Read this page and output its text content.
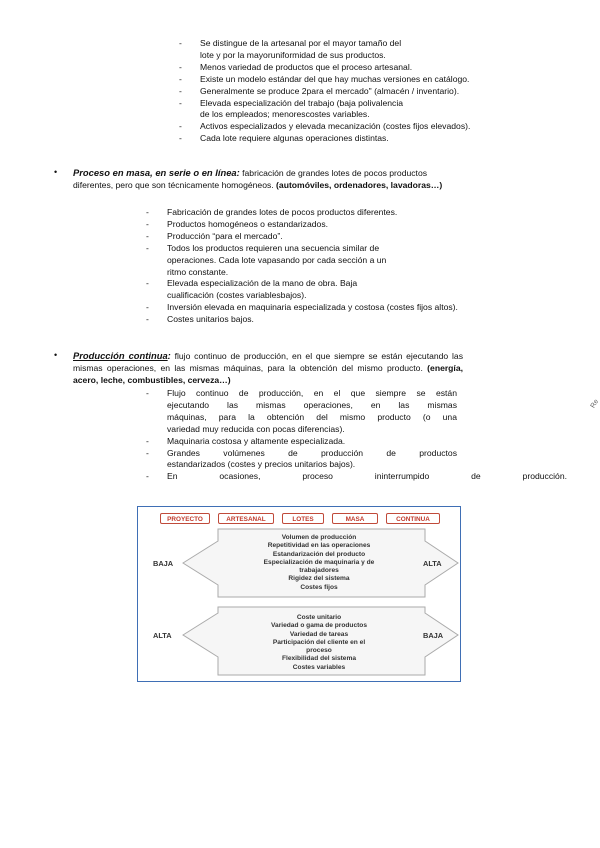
- Se distingue de la artesanal por el mayor tamaño del
lote y por la mayoruniformidad de sus productos.
- Menos variedad de productos que el proceso artesanal.
- Existe un modelo estándar del que hay muchas versiones en catálogo.
- Generalmente se produce 2para el mercado" (almacén / inventario).
- Elevada especialización del trabajo (baja polivalencia
de los empleados; menorescostes variables.
- Activos especializados y elevada mecanización (costes fijos elevados).
- Cada lote requiere algunas operaciones distintas.
• Proceso en masa, en serie o en línea: fabricación de grandes lotes de pocos productos diferentes, pero que son técnicamente homogéneos. (automóviles, ordenadores, lavadoras…)
- Fabricación de grandes lotes de pocos productos diferentes.
- Productos homogéneos o estandarizados.
- Producción “para el mercado”.
- Todos los productos requieren una secuencia similar de
operaciones. Cada lote vapasando por cada sección a un
ritmo constante.
- Elevada especialización de la mano de obra. Baja
cualificación (costes variablesbajos).
- Inversión elevada en maquinaria especializada y costosa (costes fijos altos).
- Costes unitarios bajos.
• Producción continua: flujo continuo de producción, en el que siempre se están ejecutando las mismas operaciones, en las mismas máquinas, para la obtención del mismo producto. (energía, acero, leche, combustibles, cerveza…)
- Flujo continuo de producción, en el que siempre se están
ejecutando las mismas operaciones, en las mismas
máquinas, para la obtención del mismo producto (o una
variedad muy reducida con pocas diferencias).
- Maquinaria costosa y altamente especializada.
- Grandes volúmenes de producción de productos
estandarizados (costes y precios unitarios bajos).
- En ocasiones, proceso ininterrumpido de producción.
Re
PROYECTO	ARTESANAL	LOTES	MASA	CONTINUA
BAJA	ALTA
Volumen de producción
Repetitividad en las operaciones
Estandarización del producto
Especialización de maquinaria y de
trabajadores
Rigidez del sistema
Costes fijos
ALTA	BAJA
Coste unitario
Variedad o gama de productos
Variedad de tareas
Participación del cliente en el
proceso
Flexibilidad del sistema
Costes variables
